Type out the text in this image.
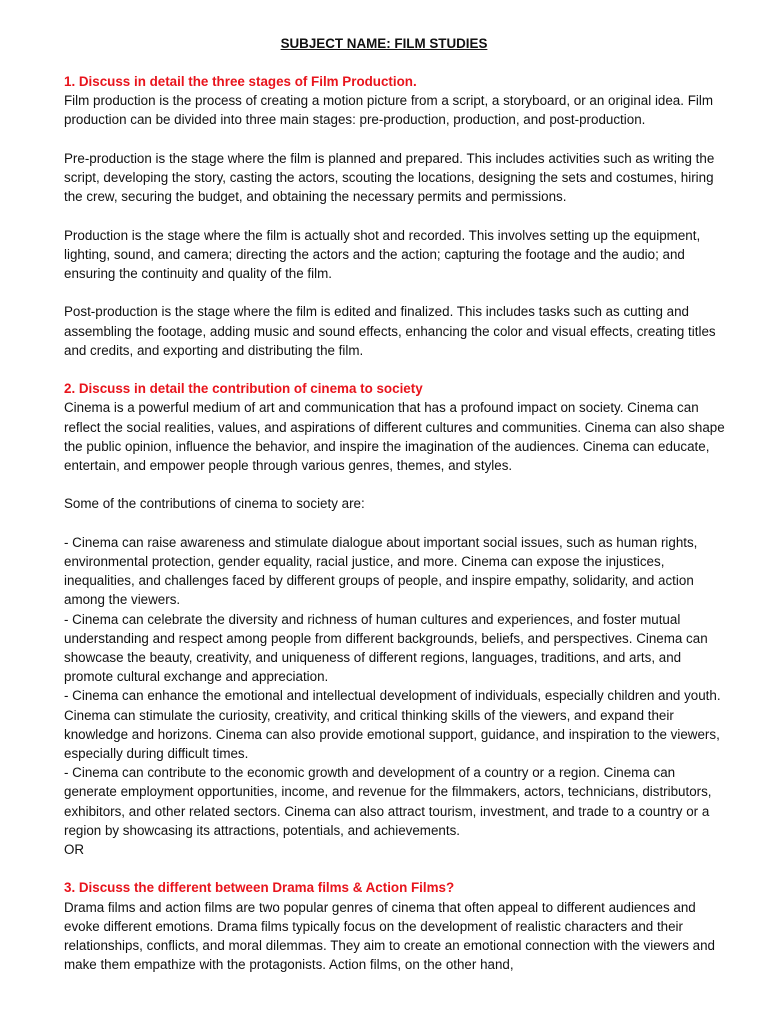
SUBJECT NAME: FILM STUDIES

1. Discuss in detail the three stages of Film Production.

Film production is the process of creating a motion picture from a script, a storyboard, or an original idea. Film production can be divided into three main stages: pre-production, production, and post-production.

Pre-production is the stage where the film is planned and prepared. This includes activities such as writing the script, developing the story, casting the actors, scouting the locations, designing the sets and costumes, hiring the crew, securing the budget, and obtaining the necessary permits and permissions.

Production is the stage where the film is actually shot and recorded. This involves setting up the equipment, lighting, sound, and camera; directing the actors and the action; capturing the footage and the audio; and ensuring the continuity and quality of the film.

Post-production is the stage where the film is edited and finalized. This includes tasks such as cutting and assembling the footage, adding music and sound effects, enhancing the color and visual effects, creating titles and credits, and exporting and distributing the film.

2. Discuss in detail the contribution of cinema to society

Cinema is a powerful medium of art and communication that has a profound impact on society. Cinema can reflect the social realities, values, and aspirations of different cultures and communities. Cinema can also shape the public opinion, influence the behavior, and inspire the imagination of the audiences. Cinema can educate, entertain, and empower people through various genres, themes, and styles.

Some of the contributions of cinema to society are:

- Cinema can raise awareness and stimulate dialogue about important social issues, such as human rights, environmental protection, gender equality, racial justice, and more. Cinema can expose the injustices, inequalities, and challenges faced by different groups of people, and inspire empathy, solidarity, and action among the viewers.

- Cinema can celebrate the diversity and richness of human cultures and experiences, and foster mutual understanding and respect among people from different backgrounds, beliefs, and perspectives. Cinema can showcase the beauty, creativity, and uniqueness of different regions, languages, traditions, and arts, and promote cultural exchange and appreciation.

- Cinema can enhance the emotional and intellectual development of individuals, especially children and youth. Cinema can stimulate the curiosity, creativity, and critical thinking skills of the viewers, and expand their knowledge and horizons. Cinema can also provide emotional support, guidance, and inspiration to the viewers, especially during difficult times.

- Cinema can contribute to the economic growth and development of a country or a region. Cinema can generate employment opportunities, income, and revenue for the filmmakers, actors, technicians, distributors, exhibitors, and other related sectors. Cinema can also attract tourism, investment, and trade to a country or a region by showcasing its attractions, potentials, and achievements.

OR

3. Discuss the different between Drama films & Action Films?

Drama films and action films are two popular genres of cinema that often appeal to different audiences and evoke different emotions. Drama films typically focus on the development of realistic characters and their relationships, conflicts, and moral dilemmas. They aim to create an emotional connection with the viewers and make them empathize with the protagonists. Action films, on the other hand,
